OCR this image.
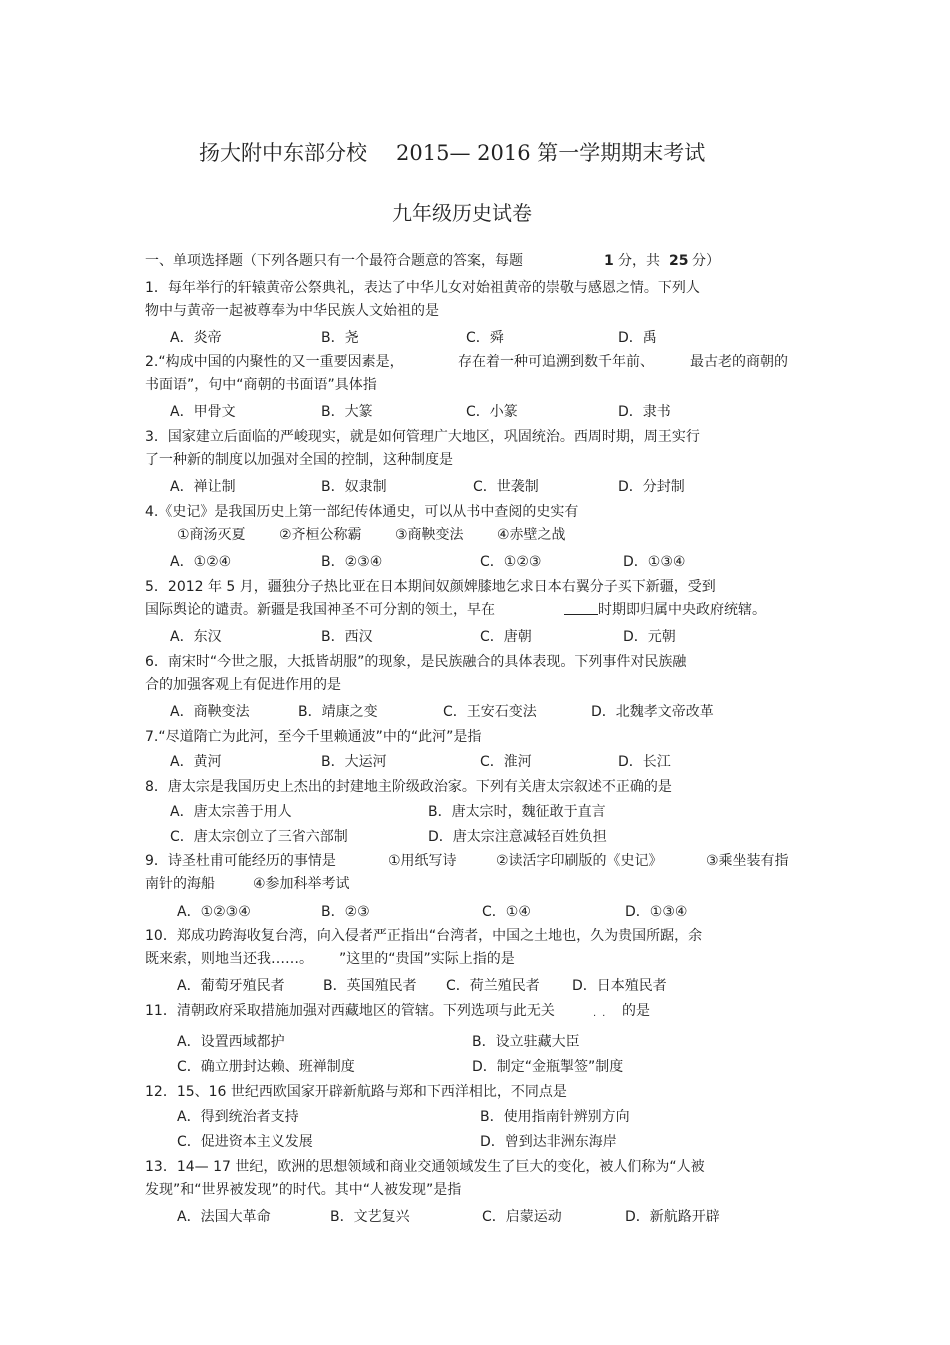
扬大附中东部分校 2015— 2016 第一学期期末考试
九年级历史试卷
一、单项选择题（下列各题只有一个最符合题意的答案，每题	1 分，共 25 分）
1．每年举行的轩辕黄帝公祭典礼，表达了中华儿女对始祖黄帝的崇敬与感恩之情。下列人
物中与黄帝一起被尊奉为中华民族人文始祖的是
A．炎帝	B．尧	C．舜	D．禹
2.“构成中国的内聚性的又一重要因素是，	存在着一种可追溯到数千年前、	最古老的商朝的
书面语”，句中“商朝的书面语”具体指
A．甲骨文	B．大篆	C．小篆	D．隶书
3．国家建立后面临的严峻现实，就是如何管理广大地区，巩固统治。西周时期，周王实行
了一种新的制度以加强对全国的控制，这种制度是
A．禅让制	B．奴隶制	C．世袭制	D．分封制
4.《史记》是我国历史上第一部纪传体通史，可以从书中查阅的史实有
①商汤灭夏 ②齐桓公称霸 ③商鞅变法 ④赤壁之战
A．①②④	B．②③④	C．①②③	D．①③④
5．2012 年 5 月，疆独分子热比亚在日本期间奴颜婢膝地乞求日本右翼分子买下新疆，受到
国际舆论的谴责。新疆是我国神圣不可分割的领土，早在	时期即归属中央政府统辖。
A．东汉	B．西汉	C．唐朝	D．元朝
6．南宋时“今世之服，大抵皆胡服”的现象，是民族融合的具体表现。下列事件对民族融
合的加强客观上有促进作用的是
A．商鞅变法	B．靖康之变	C．王安石变法	D．北魏孝文帝改革
7.“尽道隋亡为此河，至今千里赖通波”中的“此河”是指
A．黄河	B．大运河	C．淮河	D．长江
8．唐太宗是我国历史上杰出的封建地主阶级政治家。下列有关唐太宗叙述不正确的是
A．唐太宗善于用人	B．唐太宗时，魏征敢于直言
C．唐太宗创立了三省六部制	D．唐太宗注意减轻百姓负担
9．诗圣杜甫可能经历的事情是	①用纸写诗	②读活字印刷版的《史记》	③乘坐装有指
南针的海船	④参加科举考试
A．①②③④	B．②③	C．①④	D．①③④
10．郑成功跨海收复台湾，向入侵者严正指出“台湾者，中国之土地也，久为贵国所踞，余
既来索，则地当还我……。 ”这里的“贵国”实际上指的是
A．葡萄牙殖民者	B．英国殖民者 C．荷兰殖民者 D．日本殖民者
11．清朝政府采取措施加强对西藏地区的管辖。下列选项与此无关	·· 的是
A．设置西域都护	B．设立驻藏大臣
C．确立册封达赖、班禅制度	D．制定“金瓶掣签”制度
12．15、16 世纪西欧国家开辟新航路与郑和下西洋相比，不同点是
A．得到统治者支持	B．使用指南针辨别方向
C．促进资本主义发展	D．曾到达非洲东海岸
13．14— 17 世纪，欧洲的思想领域和商业交通领域发生了巨大的变化，被人们称为“人被
发现”和“世界被发现”的时代。其中“人被发现”是指
A．法国大革命	B．文艺复兴	C．启蒙运动	D．新航路开辟
